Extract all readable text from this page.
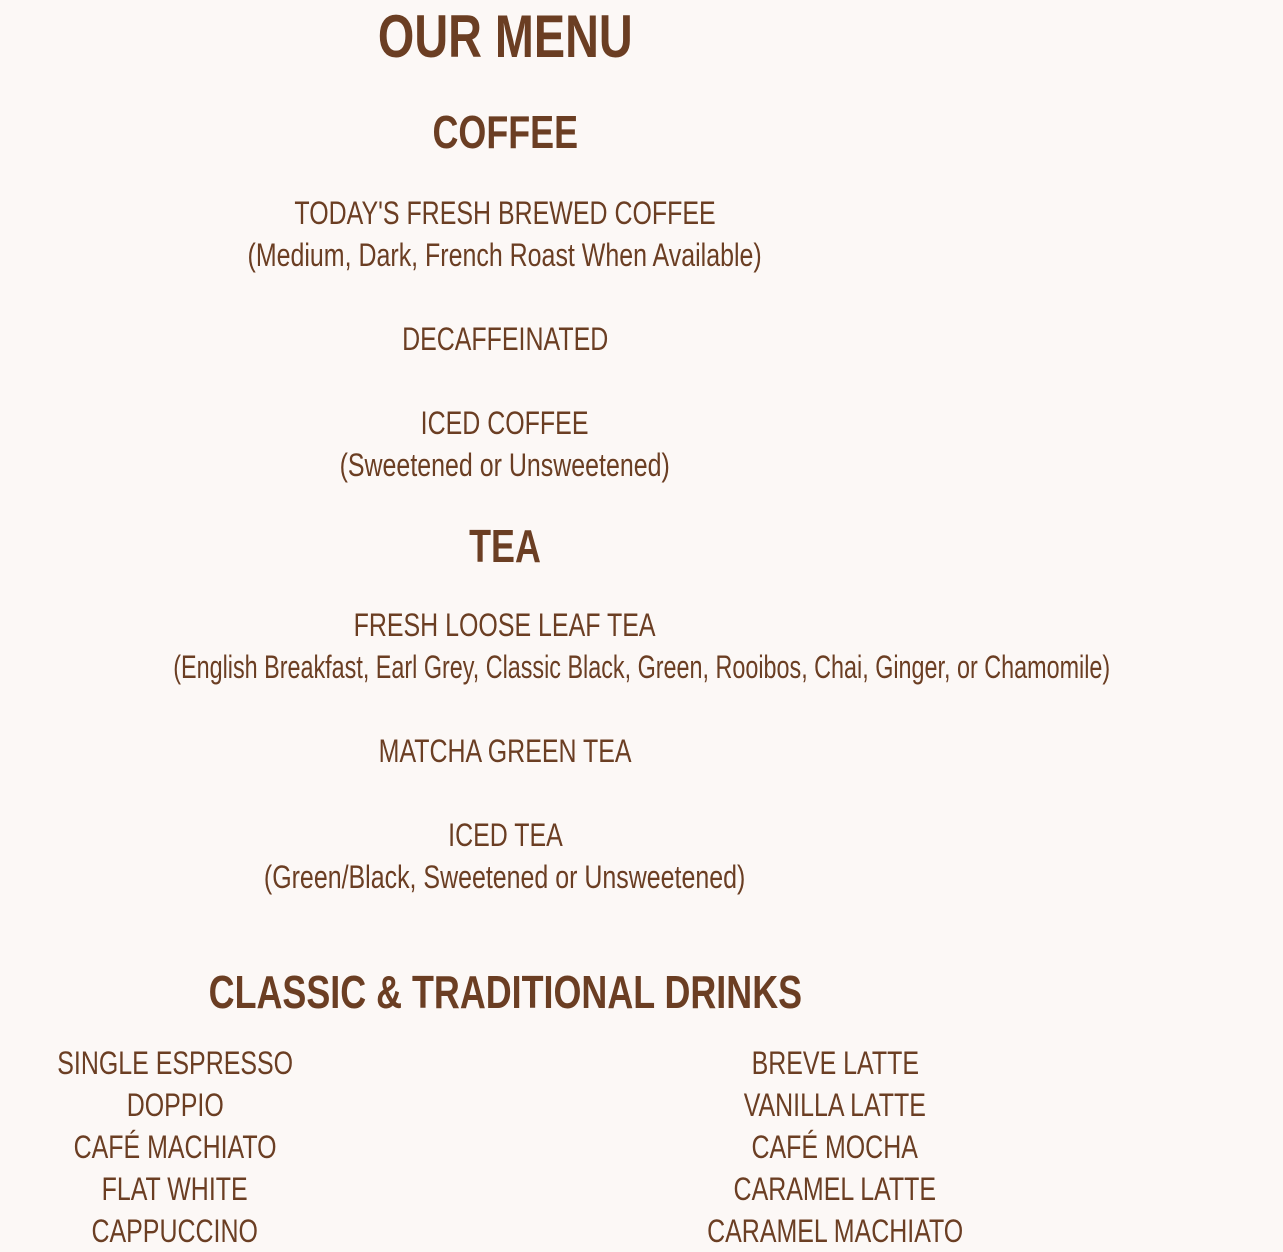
OUR MENU
COFFEE
TODAY'S FRESH BREWED COFFEE
(Medium, Dark, French Roast When Available)
DECAFFEINATED
ICED COFFEE
(Sweetened or Unsweetened)
TEA
FRESH LOOSE LEAF TEA
(English Breakfast, Earl Grey, Classic Black, Green, Rooibos, Chai, Ginger, or Chamomile)
MATCHA GREEN TEA
ICED TEA
(Green/Black, Sweetened or Unsweetened)
CLASSIC & TRADITIONAL DRINKS
SINGLE ESPRESSO
DOPPIO
CAFÉ MACHIATO
FLAT WHITE
CAPPUCCINO
BREVE LATTE
VANILLA LATTE
CAFÉ MOCHA
CARAMEL LATTE
CARAMEL MACHIATO
